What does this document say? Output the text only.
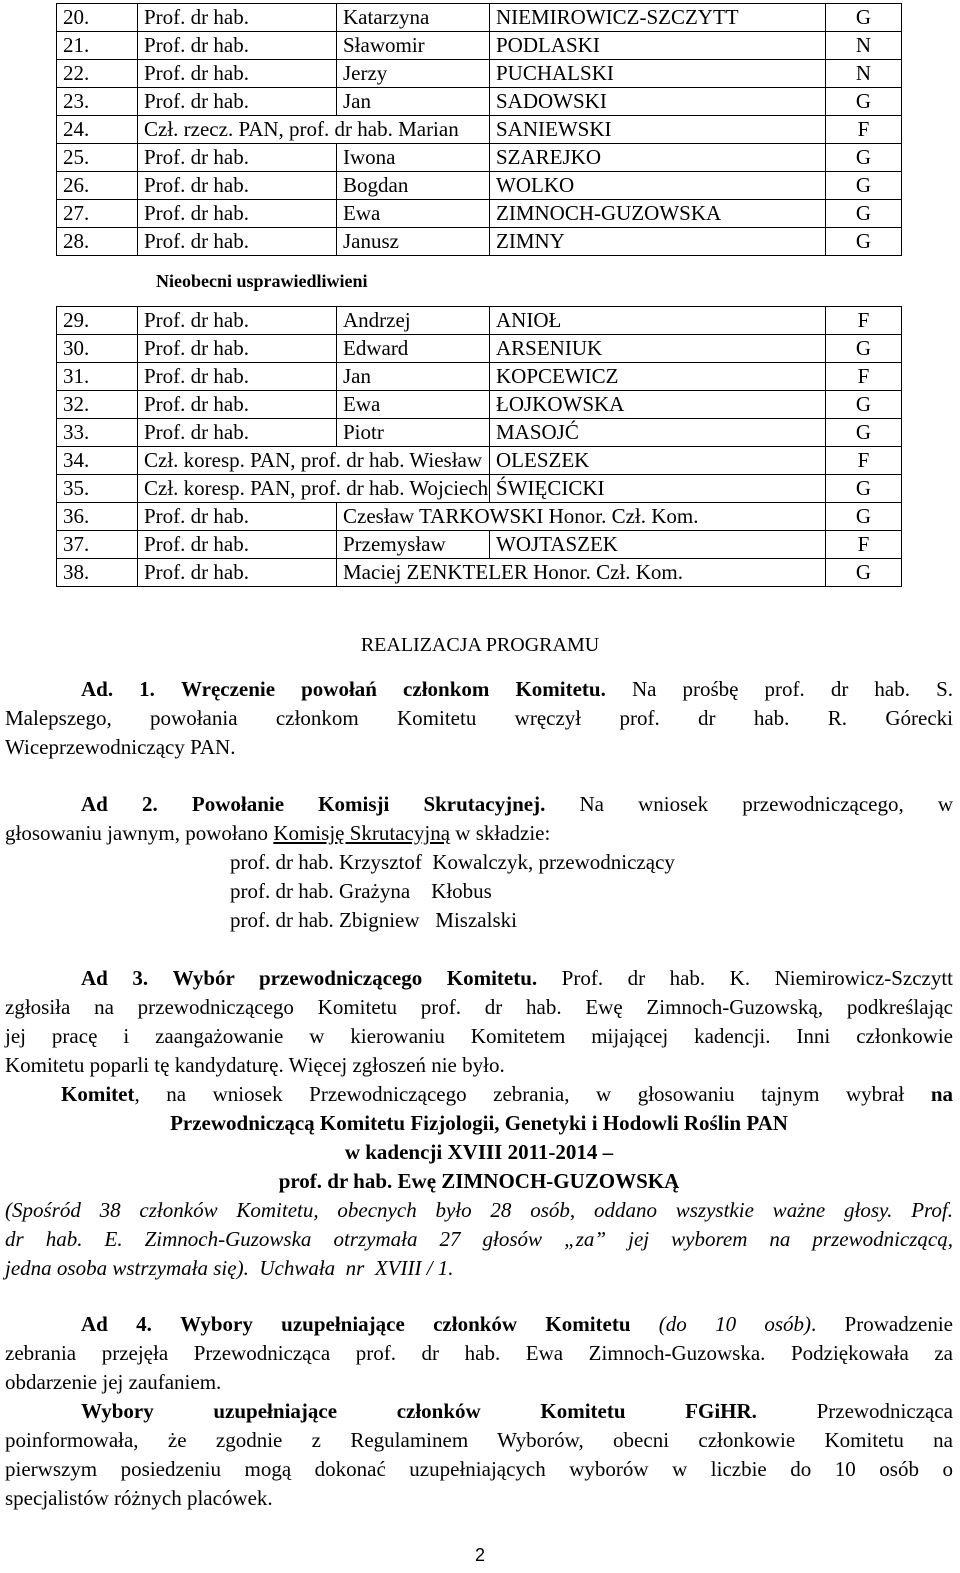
20.	Prof. dr hab.	Katarzyna	NIEMIROWICZ-SZCZYTT	G
21.	Prof. dr hab.	Sławomir	PODLASKI	N
22.	Prof. dr hab.	Jerzy	PUCHALSKI	N
23.	Prof. dr hab.	Jan	SADOWSKI	G
24.	Czł. rzecz. PAN, prof. dr hab. Marian		SANIEWSKI	F
25.	Prof. dr hab.	Iwona	SZAREJKO	G
26.	Prof. dr hab.	Bogdan	WOLKO	G
27.	Prof. dr hab.	Ewa	ZIMNOCH-GUZOWSKA	G
28.	Prof. dr hab.	Janusz	ZIMNY	G
Nieobecni usprawiedliwieni
29.	Prof. dr hab.	Andrzej	ANIOŁ	F
30.	Prof. dr hab.	Edward	ARSENIUK	G
31.	Prof. dr hab.	Jan	KOPCEWICZ	F
32.	Prof. dr hab.	Ewa	ŁOJKOWSKA	G
33.	Prof. dr hab.	Piotr	MASOJĆ	G
34.	Czł. koresp. PAN, prof. dr hab. Wiesław		OLESZEK	F
35.	Czł. koresp. PAN, prof. dr hab. Wojciech		ŚWIĘCICKI	G
36.	Prof. dr hab.	Czesław TARKOWSKI Honor. Czł. Kom.		G
37.	Prof. dr hab.	Przemysław	WOJTASZEK	F
38.	Prof. dr hab.	Maciej ZENKTELER Honor. Czł. Kom.		G
REALIZACJA PROGRAMU
Ad. 1. Wręczenie powołań członkom Komitetu. Na prośbę prof. dr hab. S.
Malepszego, powołania członkom Komitetu wręczył prof. dr hab. R. Górecki
Wiceprzewodniczący PAN.
Ad 2. Powołanie Komisji Skrutacyjnej. Na wniosek przewodniczącego, w
głosowaniu jawnym, powołano Komisję Skrutacyjną w składzie:
prof. dr hab. Krzysztof  Kowalczyk, przewodniczący
prof. dr hab. Grażyna    Kłobus
prof. dr hab. Zbigniew   Miszalski
Ad 3. Wybór przewodniczącego Komitetu. Prof. dr hab. K. Niemirowicz-Szczytt
zgłosiła na przewodniczącego Komitetu prof. dr hab. Ewę Zimnoch-Guzowską, podkreślając
jej pracę i zaangażowanie w kierowaniu Komitetem mijającej kadencji. Inni członkowie
Komitetu poparli tę kandydaturę. Więcej zgłoszeń nie było.
Komitet, na wniosek Przewodniczącego zebrania, w głosowaniu tajnym wybrał na
Przewodniczącą Komitetu Fizjologii, Genetyki i Hodowli Roślin PAN
w kadencji XVIII 2011-2014 –
prof. dr hab. Ewę ZIMNOCH-GUZOWSKĄ
(Spośród 38 członków Komitetu, obecnych było 28 osób, oddano wszystkie ważne głosy. Prof.
dr hab. E. Zimnoch-Guzowska otrzymała 27 głosów „za” jej wyborem na przewodniczącą,
jedna osoba wstrzymała się).  Uchwała  nr  XVIII / 1.
Ad 4. Wybory uzupełniające członków Komitetu (do 10 osób). Prowadzenie
zebrania przejęła Przewodnicząca prof. dr hab. Ewa Zimnoch-Guzowska. Podziękowała za
obdarzenie jej zaufaniem.
Wybory uzupełniające członków Komitetu FGiHR. Przewodnicząca
poinformowała, że zgodnie z Regulaminem Wyborów, obecni członkowie Komitetu na
pierwszym posiedzeniu mogą dokonać uzupełniających wyborów w liczbie do 10 osób o
specjalistów różnych placówek.
2
